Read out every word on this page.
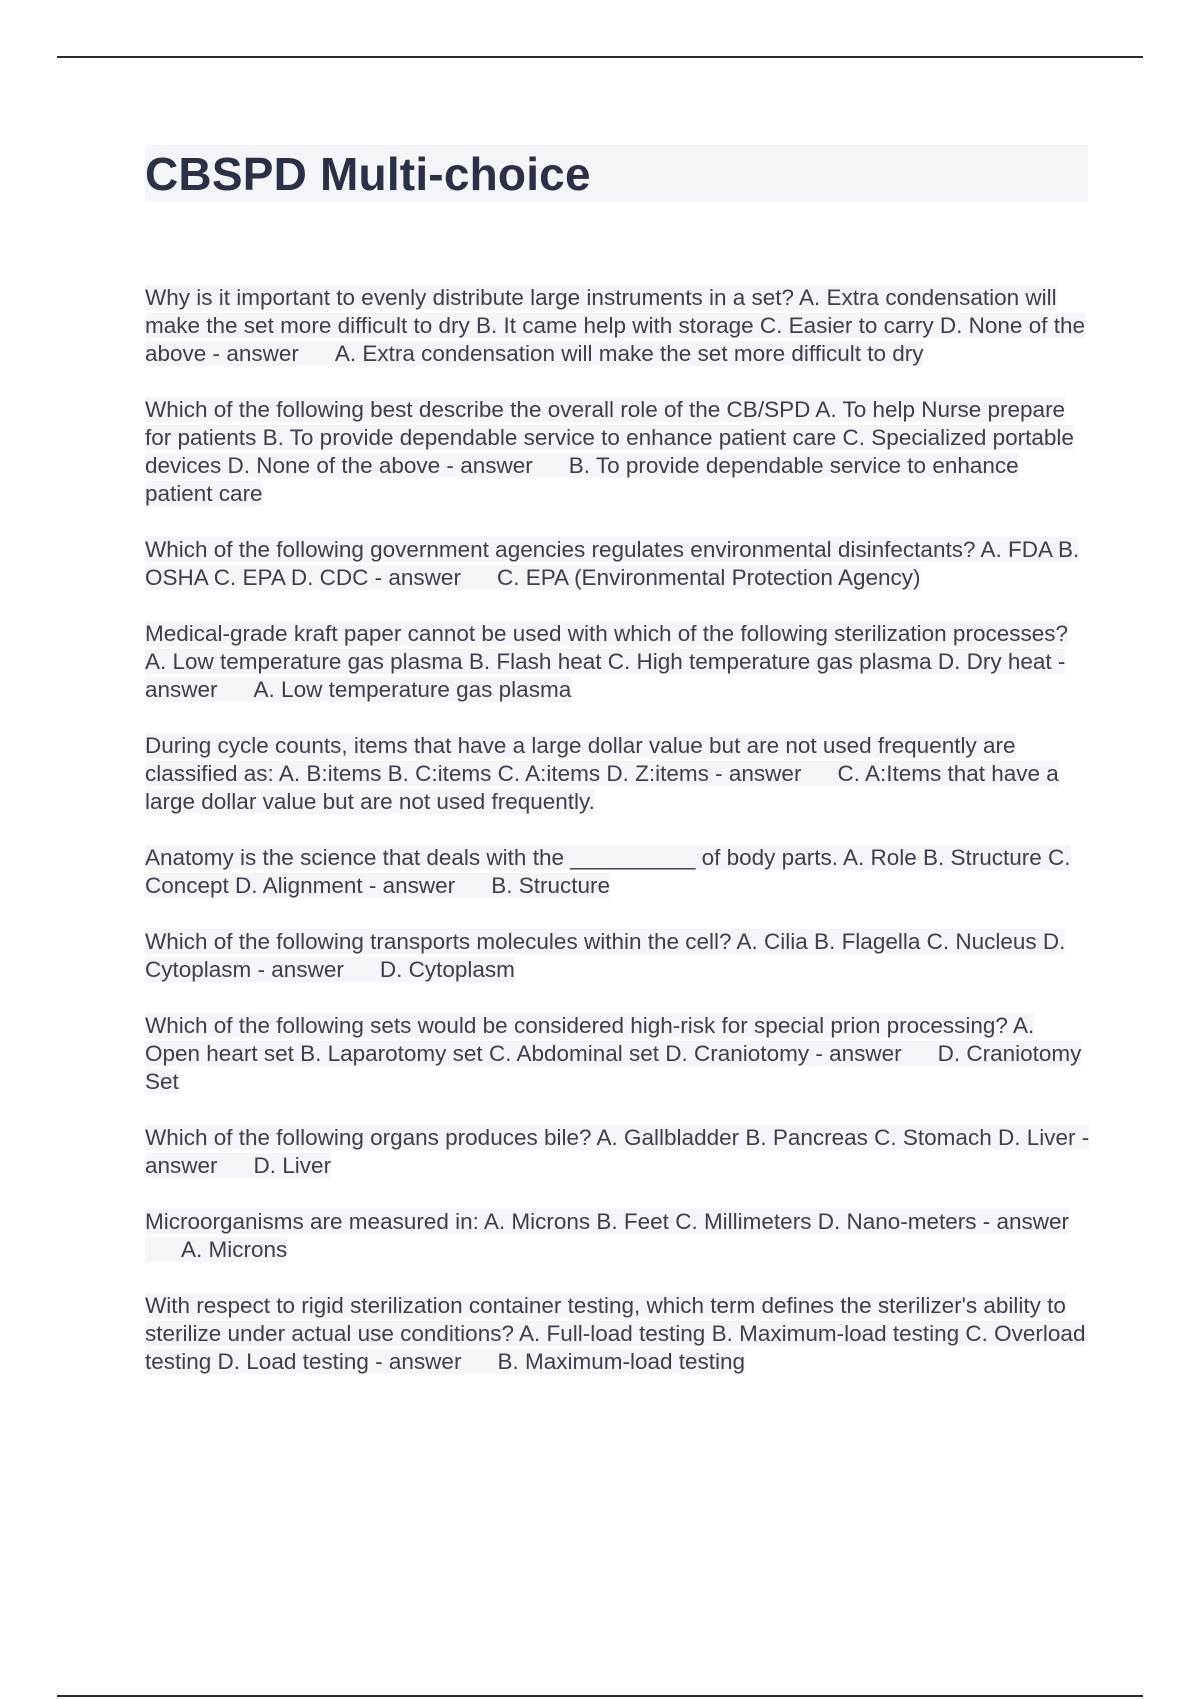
CBSPD Multi-choice
Why is it important to evenly distribute large instruments in a set? A. Extra condensation will make the set more difficult to dry B. It came help with storage C. Easier to carry D. None of the above - answer A. Extra condensation will make the set more difficult to dry
Which of the following best describe the overall role of the CB/SPD A. To help Nurse prepare for patients B. To provide dependable service to enhance patient care C. Specialized portable devices D. None of the above - answer B. To provide dependable service to enhance patient care
Which of the following government agencies regulates environmental disinfectants? A. FDA B. OSHA C. EPA D. CDC - answer C. EPA (Environmental Protection Agency)
Medical-grade kraft paper cannot be used with which of the following sterilization processes? A. Low temperature gas plasma B. Flash heat C. High temperature gas plasma D. Dry heat - answer A. Low temperature gas plasma
During cycle counts, items that have a large dollar value but are not used frequently are classified as: A. B:items B. C:items C. A:items D. Z:items - answer C. A:Items that have a large dollar value but are not used frequently.
Anatomy is the science that deals with the __________ of body parts. A. Role B. Structure C. Concept D. Alignment - answer B. Structure
Which of the following transports molecules within the cell? A. Cilia B. Flagella C. Nucleus D. Cytoplasm - answer D. Cytoplasm
Which of the following sets would be considered high-risk for special prion processing? A. Open heart set B. Laparotomy set C. Abdominal set D. Craniotomy - answer D. Craniotomy Set
Which of the following organs produces bile? A. Gallbladder B. Pancreas C. Stomach D. Liver - answer D. Liver
Microorganisms are measured in: A. Microns B. Feet C. Millimeters D. Nano-meters - answerA. Microns
With respect to rigid sterilization container testing, which term defines the sterilizer's ability to sterilize under actual use conditions? A. Full-load testing B. Maximum-load testing C. Overload testing D. Load testing - answer B. Maximum-load testing
